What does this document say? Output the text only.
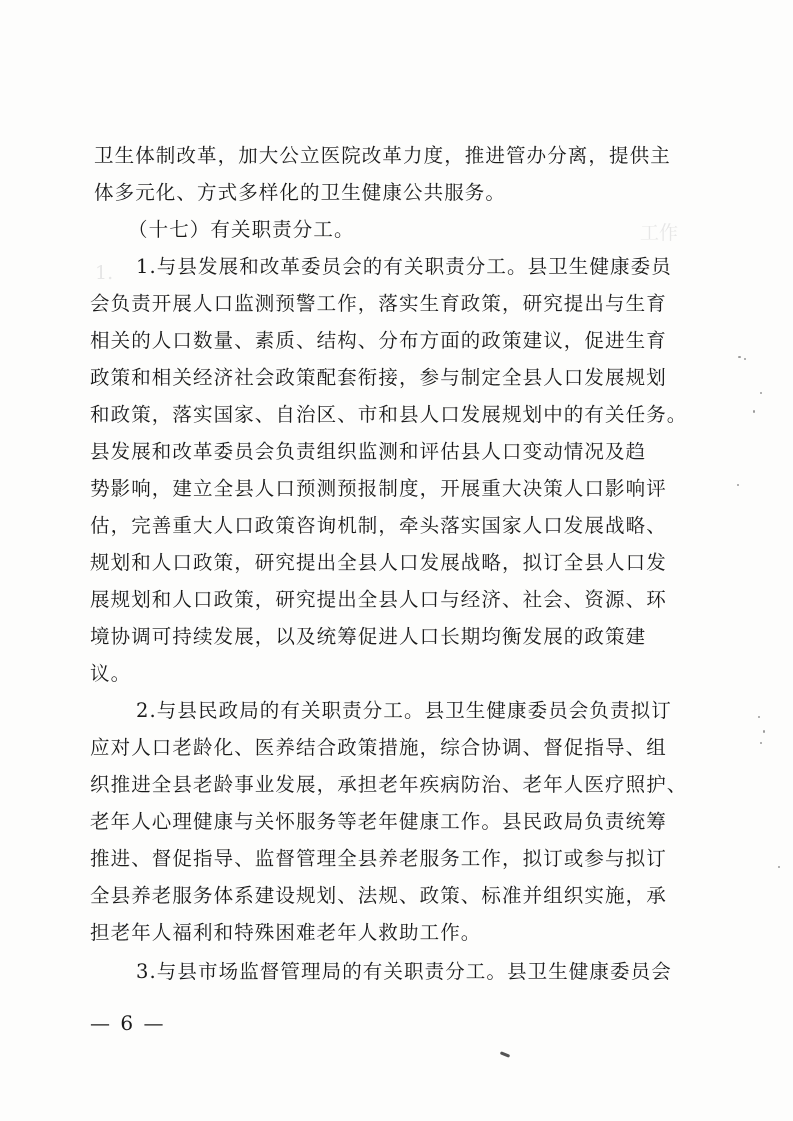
工作
1.
卫生体制改革，加大公立医院改革力度，推进管办分离，提供主
体多元化、方式多样化的卫生健康公共服务。
（十七）有关职责分工。
1.与县发展和改革委员会的有关职责分工。县卫生健康委员
会负责开展人口监测预警工作，落实生育政策，研究提出与生育
相关的人口数量、素质、结构、分布方面的政策建议，促进生育
政策和相关经济社会政策配套衔接，参与制定全县人口发展规划
和政策，落实国家、自治区、市和县人口发展规划中的有关任务。
县发展和改革委员会负责组织监测和评估县人口变动情况及趋
势影响，建立全县人口预测预报制度，开展重大决策人口影响评
估，完善重大人口政策咨询机制，牵头落实国家人口发展战略、
规划和人口政策，研究提出全县人口发展战略，拟订全县人口发
展规划和人口政策，研究提出全县人口与经济、社会、资源、环
境协调可持续发展，以及统筹促进人口长期均衡发展的政策建
议。
2.与县民政局的有关职责分工。县卫生健康委员会负责拟订
应对人口老龄化、医养结合政策措施，综合协调、督促指导、组
织推进全县老龄事业发展，承担老年疾病防治、老年人医疗照护、
老年人心理健康与关怀服务等老年健康工作。县民政局负责统筹
推进、督促指导、监督管理全县养老服务工作，拟订或参与拟订
全县养老服务体系建设规划、法规、政策、标准并组织实施，承
担老年人福利和特殊困难老年人救助工作。
3.与县市场监督管理局的有关职责分工。县卫生健康委员会
— 6 —
